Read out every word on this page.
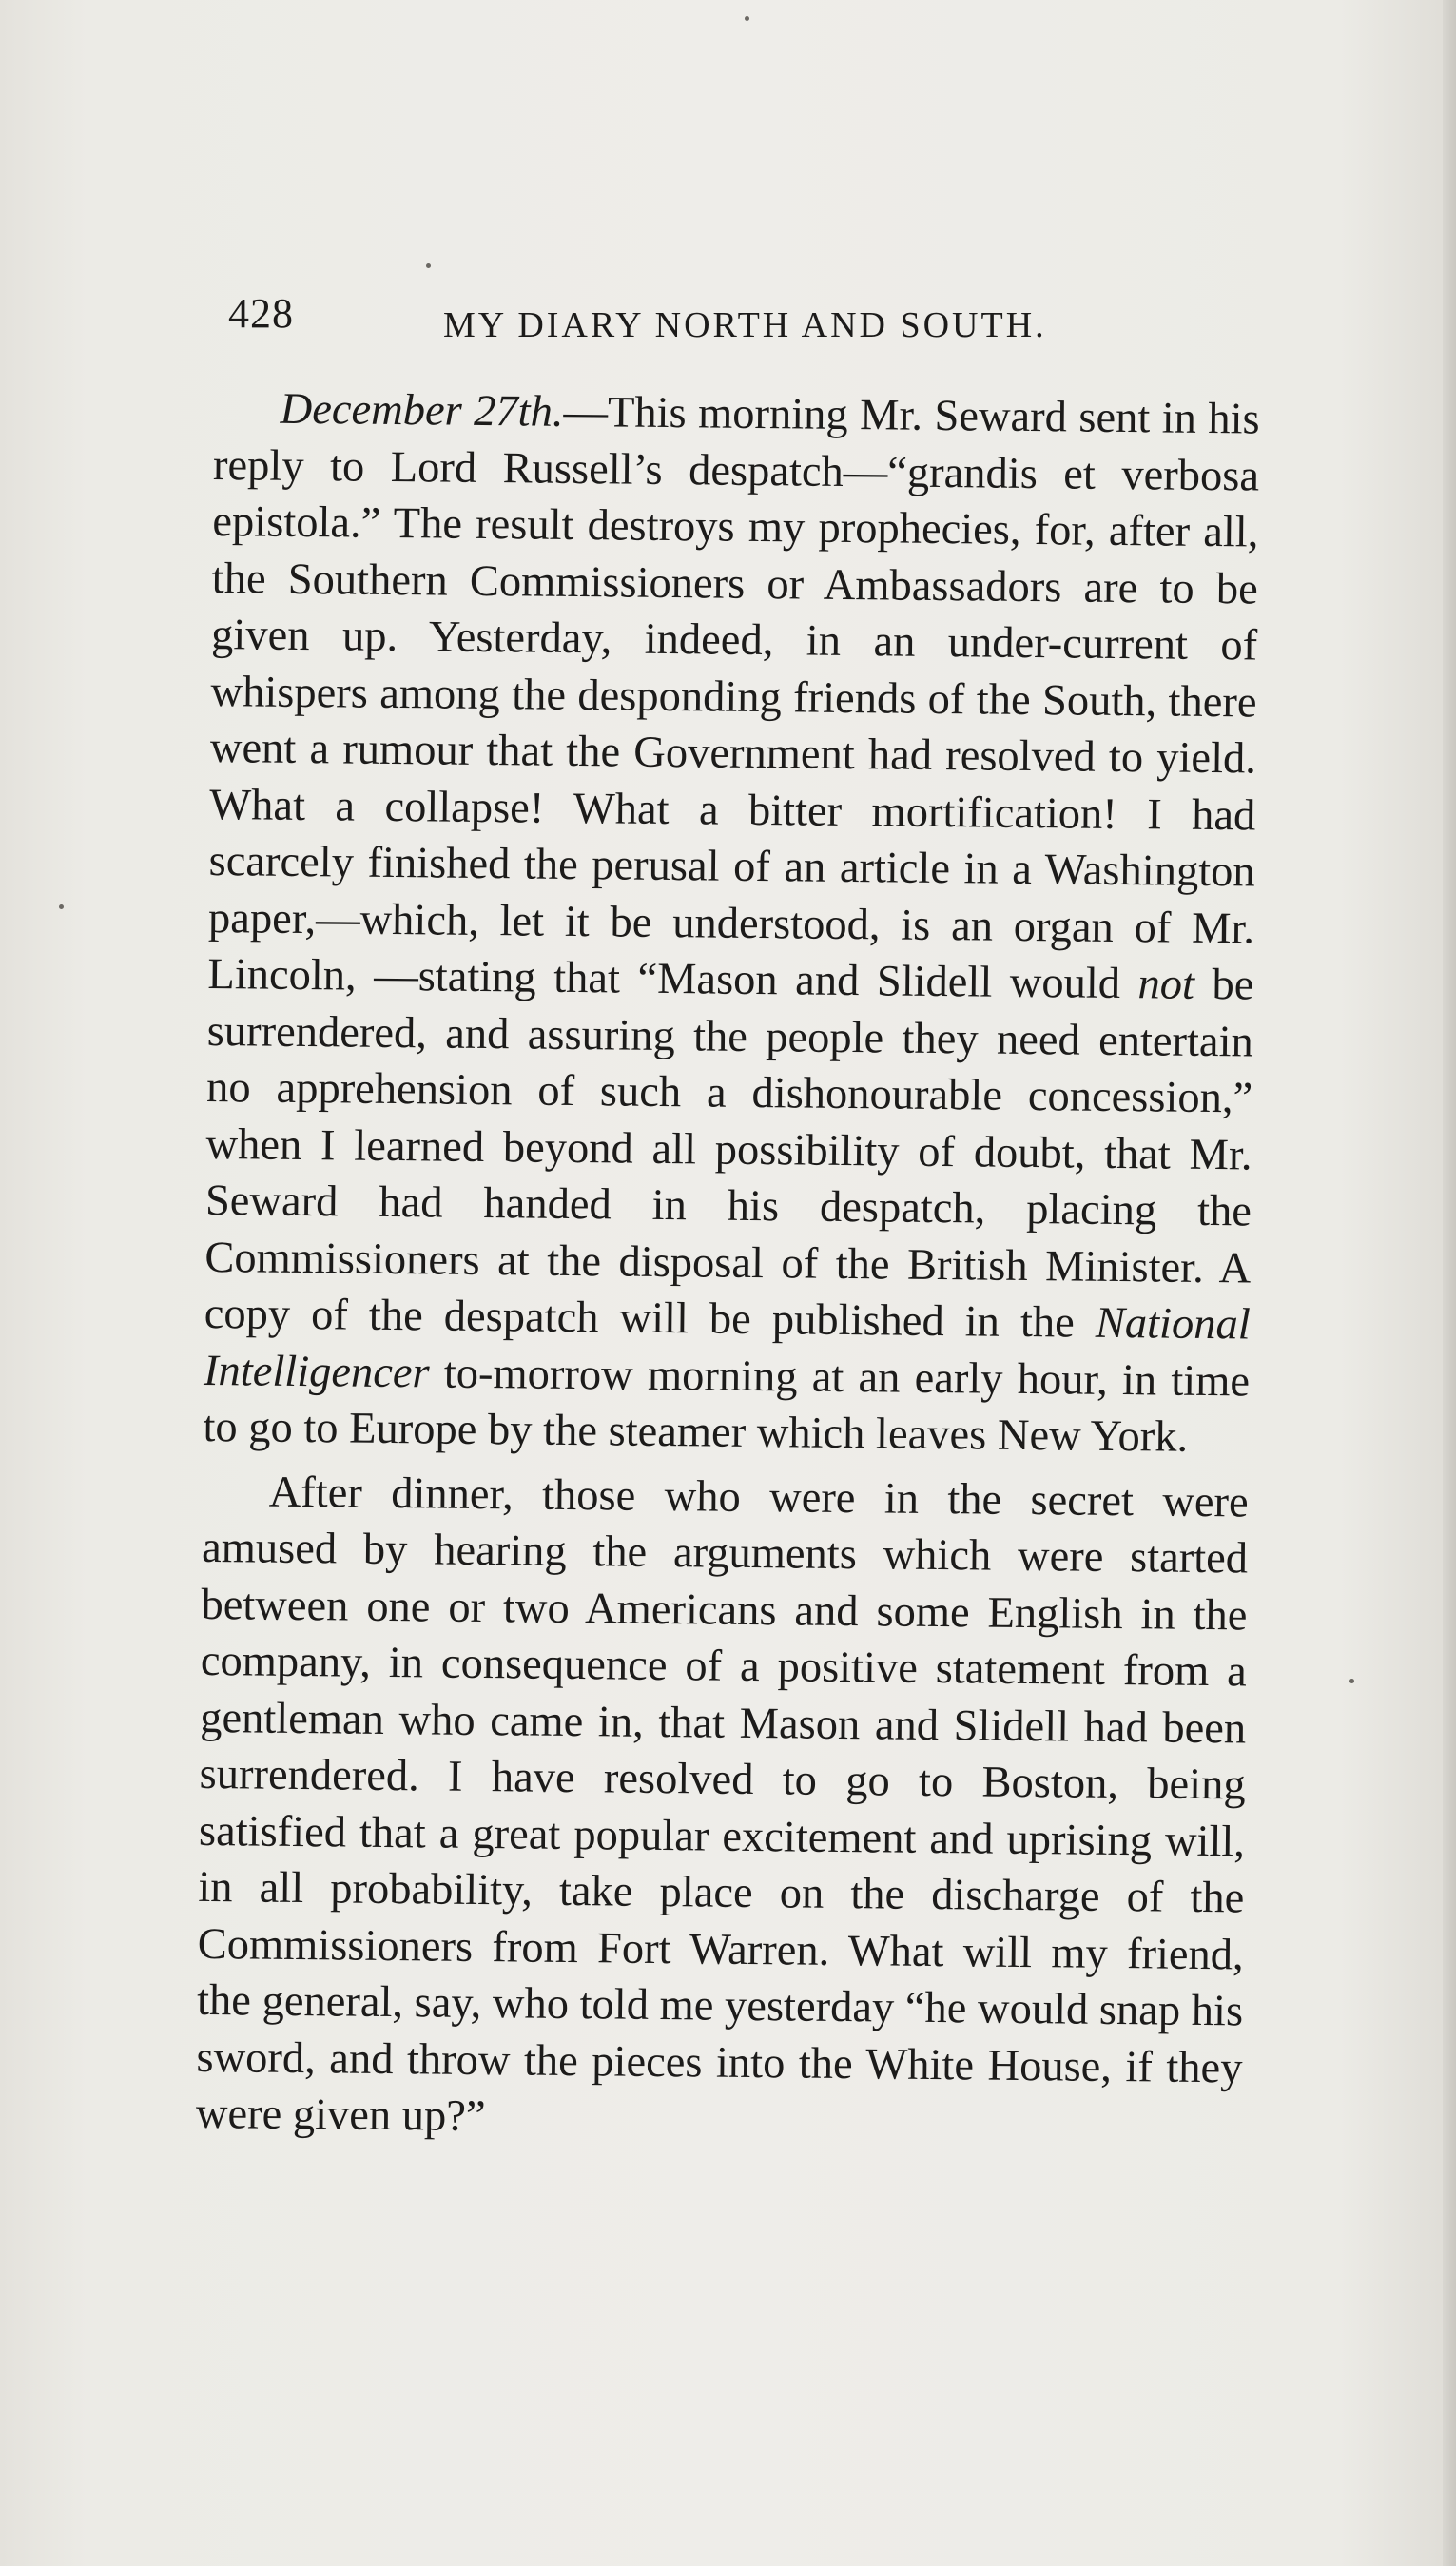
428	MY DIARY NORTH AND SOUTH.

December 27th.—This morning Mr. Seward sent in his reply to Lord Russell’s despatch—“grandis et verbosa epistola.” The result destroys my prophecies, for, after all, the Southern Commissioners or Ambassadors are to be given up. Yesterday, indeed, in an under-current of whispers among the desponding friends of the South, there went a rumour that the Government had resolved to yield. What a collapse! What a bitter mortification! I had scarcely finished the perusal of an article in a Washington paper,—which, let it be understood, is an organ of Mr. Lincoln, —stating that “Mason and Slidell would not be surrendered, and assuring the people they need entertain no apprehension of such a dishonourable concession,” when I learned beyond all possibility of doubt, that Mr. Seward had handed in his despatch, placing the Commissioners at the disposal of the British Minister. A copy of the despatch will be published in the National Intelligencer to-morrow morning at an early hour, in time to go to Europe by the steamer which leaves New York.

After dinner, those who were in the secret were amused by hearing the arguments which were started between one or two Americans and some English in the company, in consequence of a positive statement from a gentleman who came in, that Mason and Slidell had been surrendered. I have resolved to go to Boston, being satisfied that a great popular excitement and uprising will, in all probability, take place on the discharge of the Commissioners from Fort Warren. What will my friend, the general, say, who told me yesterday “he would snap his sword, and throw the pieces into the White House, if they were given up?”
